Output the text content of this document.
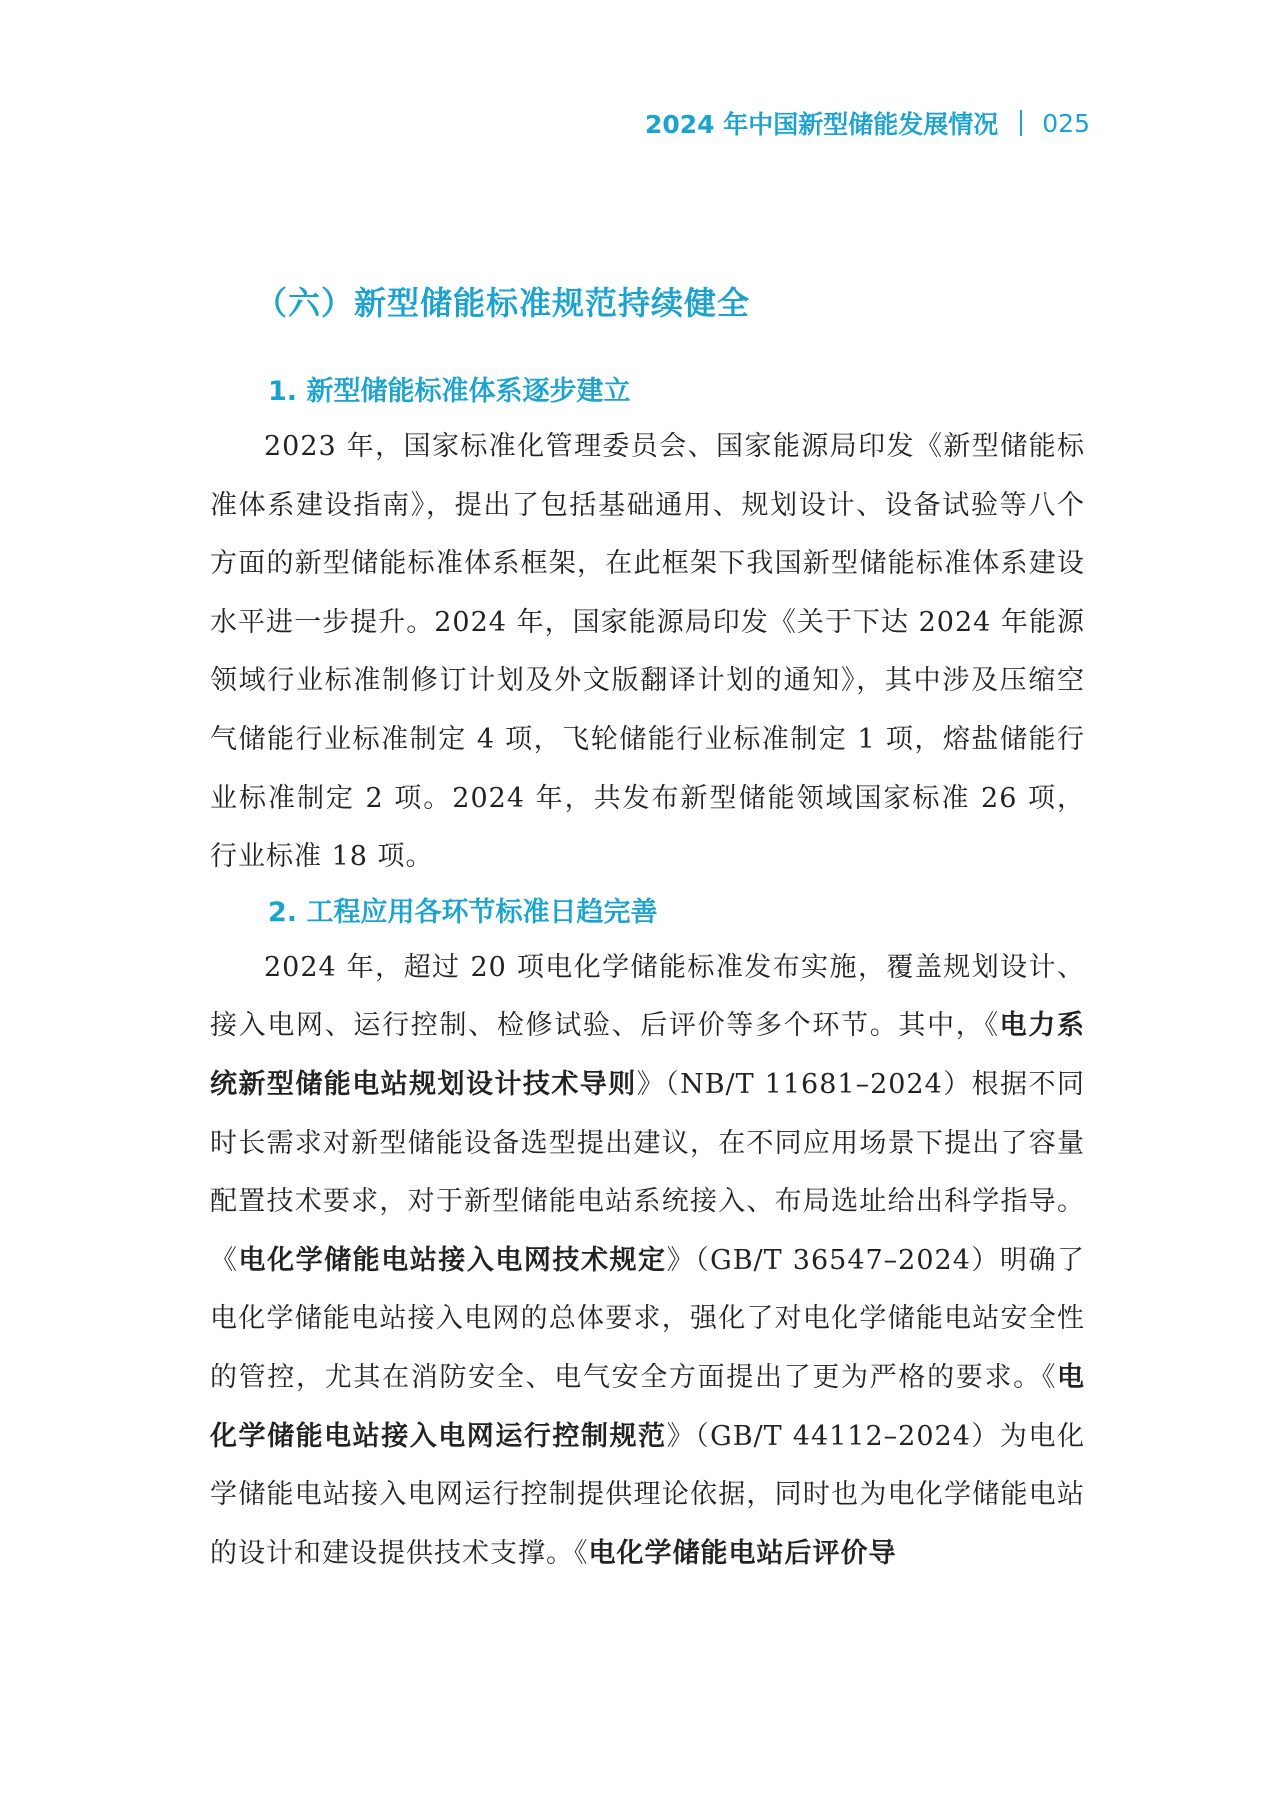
2024 年中国新型储能发展情况 025
（六）新型储能标准规范持续健全
1. 新型储能标准体系逐步建立

2023 年，国家标准化管理委员会、国家能源局印发《新型储能标准体系建设指南》，提出了包括基础通用、规划设计、设备试验等八个方面的新型储能标准体系框架，在此框架下我国新型储能标准体系建设水平进一步提升。2024 年，国家能源局印发《关于下达 2024 年能源领域行业标准制修订计划及外文版翻译计划的通知》，其中涉及压缩空气储能行业标准制定 4 项，飞轮储能行业标准制定 1 项，熔盐储能行业标准制定 2 项。2024 年，共发布新型储能领域国家标准 26 项，行业标准 18 项。

2. 工程应用各环节标准日趋完善

2024 年，超过 20 项电化学储能标准发布实施，覆盖规划设计、接入电网、运行控制、检修试验、后评价等多个环节。其中，《电力系统新型储能电站规划设计技术导则》（NB/T 11681–2024）根据不同时长需求对新型储能设备选型提出建议，在不同应用场景下提出了容量配置技术要求，对于新型储能电站系统接入、布局选址给出科学指导。《电化学储能电站接入电网技术规定》（GB/T 36547–2024）明确了电化学储能电站接入电网的总体要求，强化了对电化学储能电站安全性的管控，尤其在消防安全、电气安全方面提出了更为严格的要求。《电化学储能电站接入电网运行控制规范》（GB/T 44112–2024）为电化学储能电站接入电网运行控制提供理论依据，同时也为电化学储能电站的设计和建设提供技术支撑。《电化学储能电站后评价导
